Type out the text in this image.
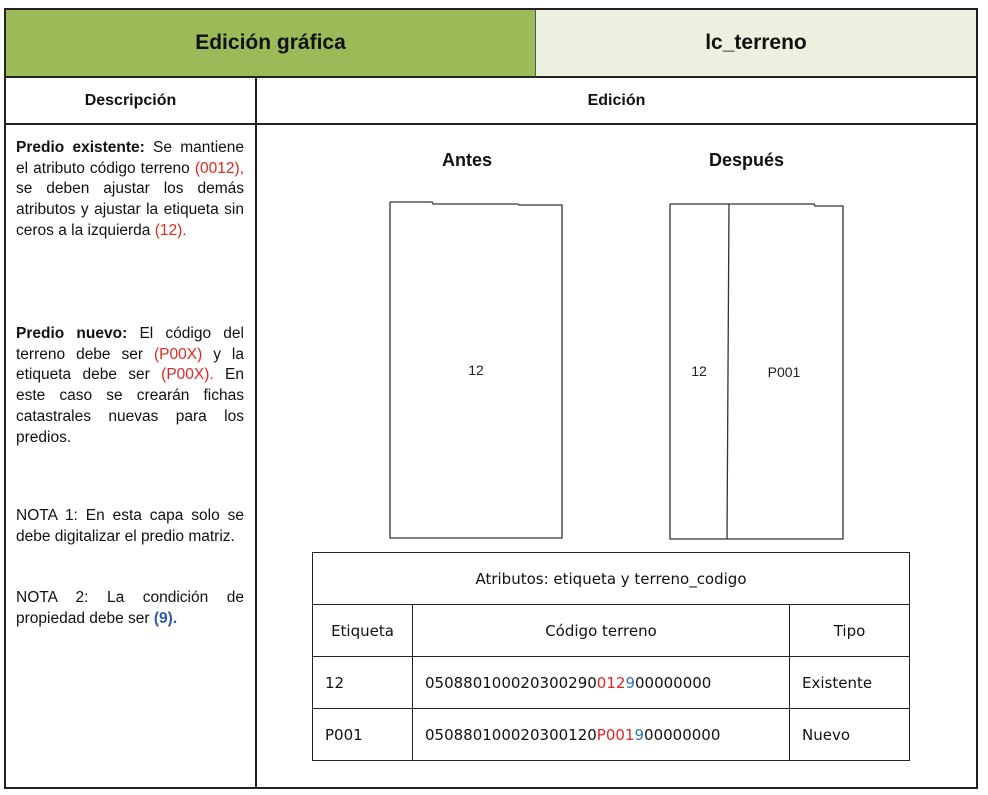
Edición gráfica	lc_terreno
Descripción	Edición
Predio existente: Se mantiene el atributo código terreno (0012), se deben ajustar los demás atributos y ajustar la etiqueta sin ceros a la izquierda (12).
Predio nuevo: El código del terreno debe ser (P00X) y la etiqueta debe ser (P00X). En este caso se crearán fichas catastrales nuevas para los predios.
NOTA 1: En esta capa solo se debe digitalizar el predio matriz.
NOTA 2: La condición de propiedad debe ser (9).
Antes	Después
12	12	P001
Atributos: etiqueta y terreno_codigo		
Etiqueta	Código terreno	Tipo
12	050880100020300290012900000000	Existente
P001	050880100020300120P001900000000	Nuevo
